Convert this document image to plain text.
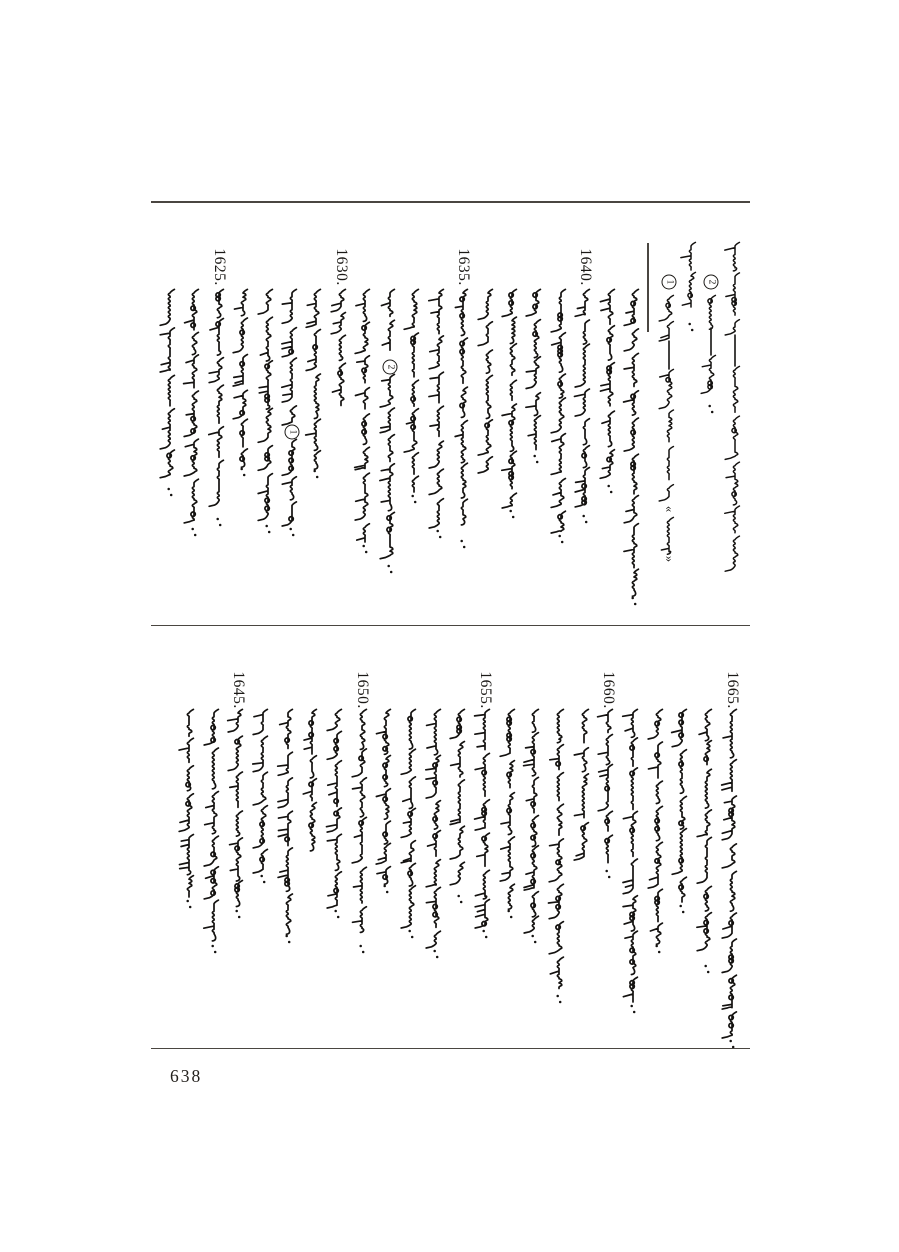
638
1625.
1
1630.
2
1635.	1640.
1645.	1650.	1655.	1660.	1665.
«
»
1	2
